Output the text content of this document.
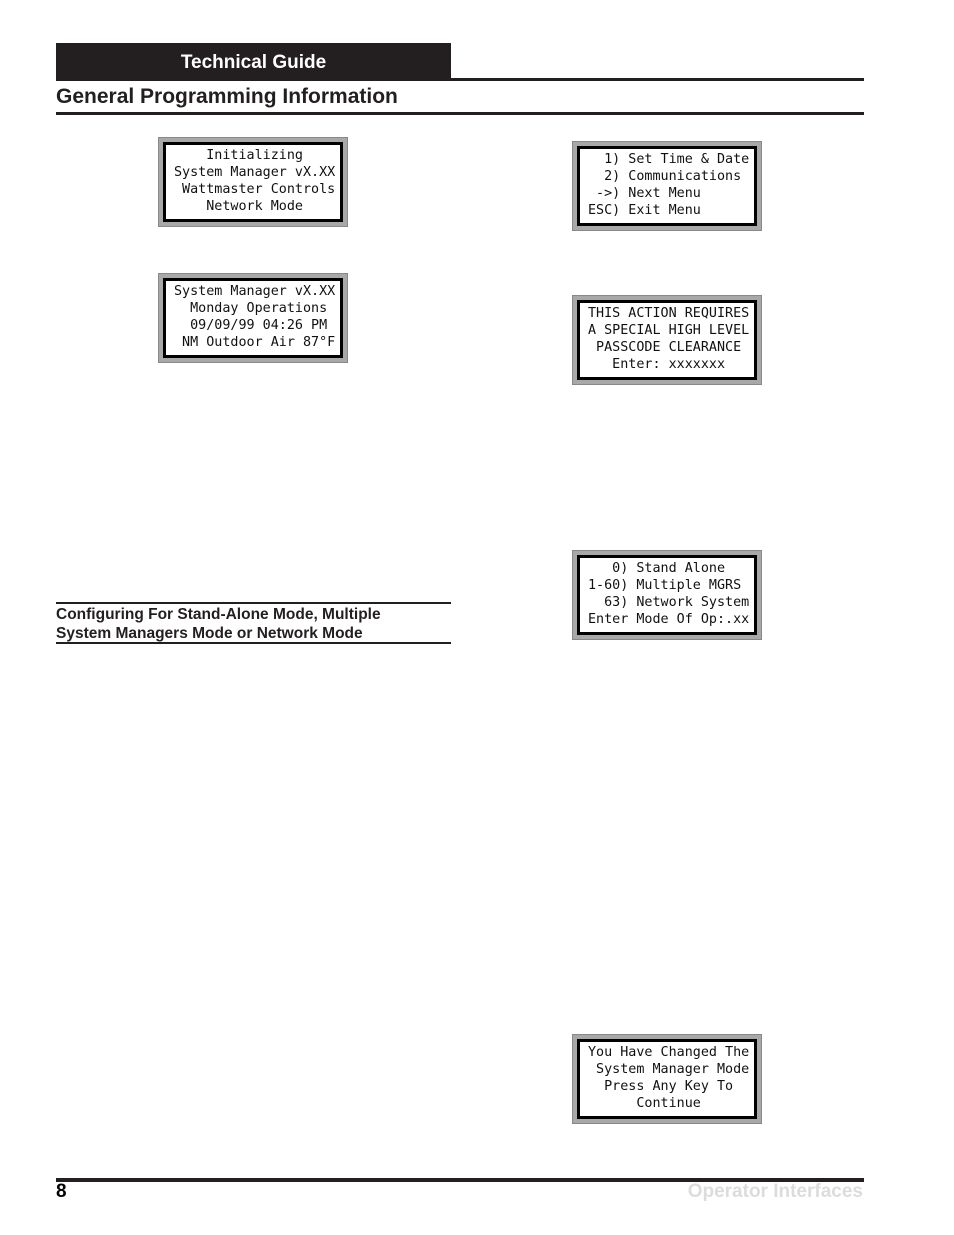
Technical Guide
General Programming Information
Configuring For Stand-Alone Mode, Multiple
System Managers Mode or Network Mode
Initializing
System Manager vX.XX
Wattmaster Controls
Network Mode
System Manager vX.XX
Monday Operations
09/09/99 04:26 PM
NM Outdoor Air 87°F
1) Set Time & Date
2) Communications
->) Next Menu
ESC) Exit Menu
THIS ACTION REQUIRES
A SPECIAL HIGH LEVEL
PASSCODE CLEARANCE
Enter: xxxxxxx
0) Stand Alone
1-60) Multiple MGRS
63) Network System
Enter Mode Of Op:.xx
You Have Changed The
System Manager Mode
Press Any Key To
Continue
8	Operator Interfaces
